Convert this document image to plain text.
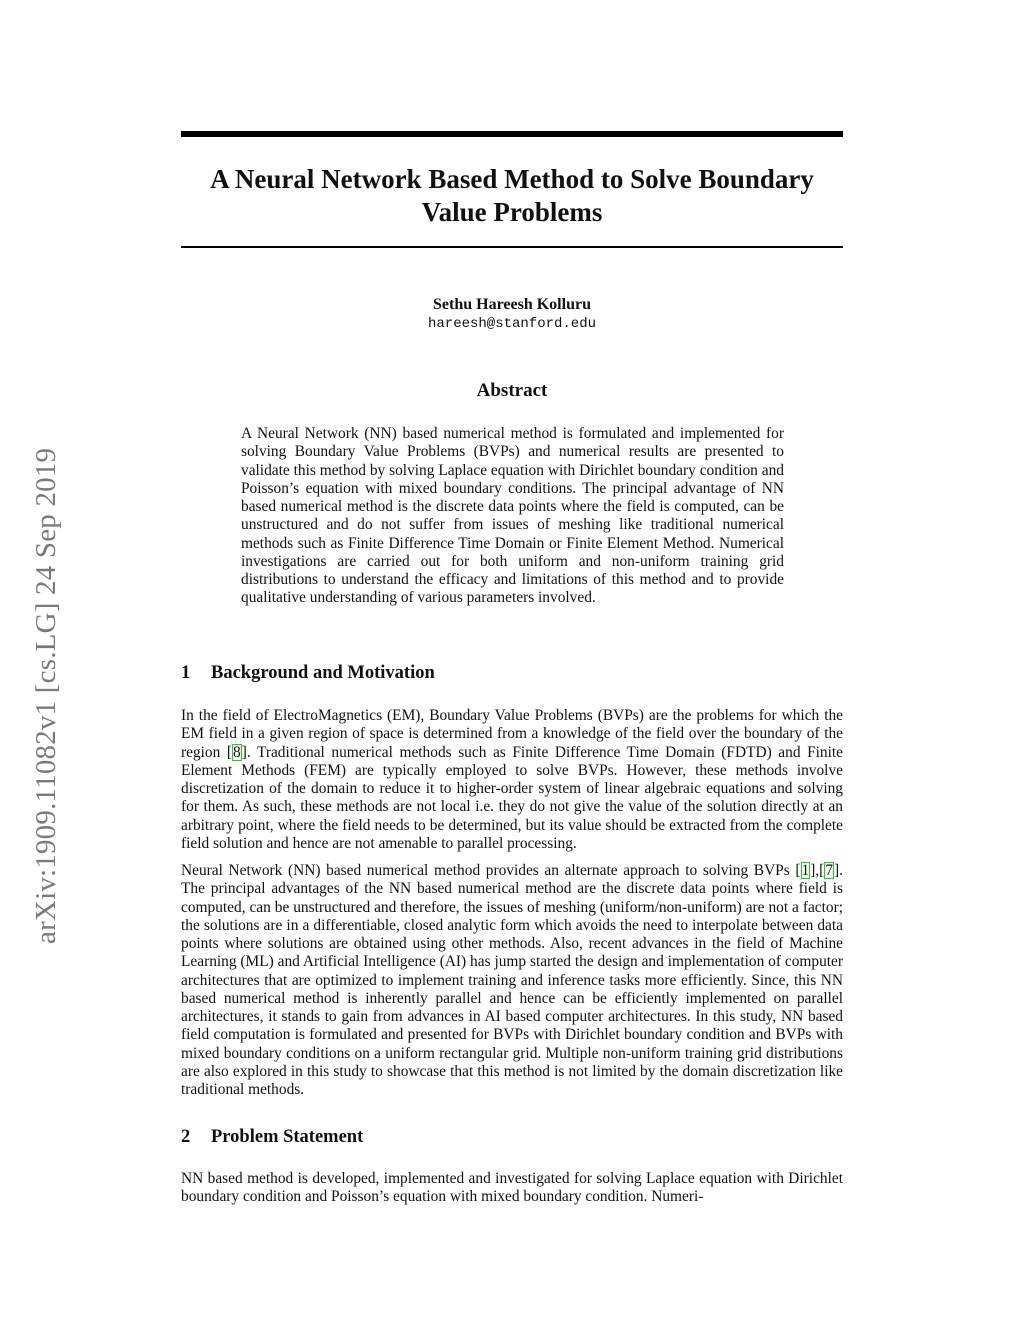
arXiv:1909.11082v1 [cs.LG] 24 Sep 2019
A Neural Network Based Method to Solve Boundary Value Problems
Sethu Hareesh Kolluru
hareesh@stanford.edu
Abstract

A Neural Network (NN) based numerical method is formulated and implemented for solving Boundary Value Problems (BVPs) and numerical results are presented to validate this method by solving Laplace equation with Dirichlet boundary condition and Poisson’s equation with mixed boundary conditions. The principal advantage of NN based numerical method is the discrete data points where the field is computed, can be unstructured and do not suffer from issues of meshing like traditional numerical methods such as Finite Difference Time Domain or Finite Element Method. Numerical investigations are carried out for both uniform and non-uniform training grid distributions to understand the efficacy and limitations of this method and to provide qualitative understanding of various parameters involved.

1 Background and Motivation

In the field of ElectroMagnetics (EM), Boundary Value Problems (BVPs) are the problems for which the EM field in a given region of space is determined from a knowledge of the field over the boundary of the region [8]. Traditional numerical methods such as Finite Difference Time Domain (FDTD) and Finite Element Methods (FEM) are typically employed to solve BVPs. However, these methods involve discretization of the domain to reduce it to higher-order system of linear algebraic equations and solving for them. As such, these methods are not local i.e. they do not give the value of the solution directly at an arbitrary point, where the field needs to be determined, but its value should be extracted from the complete field solution and hence are not amenable to parallel processing.

Neural Network (NN) based numerical method provides an alternate approach to solving BVPs [1],[7]. The principal advantages of the NN based numerical method are the discrete data points where field is computed, can be unstructured and therefore, the issues of meshing (uniform/non-uniform) are not a factor; the solutions are in a differentiable, closed analytic form which avoids the need to interpolate between data points where solutions are obtained using other methods. Also, recent advances in the field of Machine Learning (ML) and Artificial Intelligence (AI) has jump started the design and implementation of computer architectures that are optimized to implement training and inference tasks more efficiently. Since, this NN based numerical method is inherently parallel and hence can be efficiently implemented on parallel architectures, it stands to gain from advances in AI based computer architectures. In this study, NN based field computation is formulated and presented for BVPs with Dirichlet boundary condition and BVPs with mixed boundary conditions on a uniform rectangular grid. Multiple non-uniform training grid distributions are also explored in this study to showcase that this method is not limited by the domain discretization like traditional methods.

2 Problem Statement

NN based method is developed, implemented and investigated for solving Laplace equation with Dirichlet boundary condition and Poisson’s equation with mixed boundary condition. Numeri-
